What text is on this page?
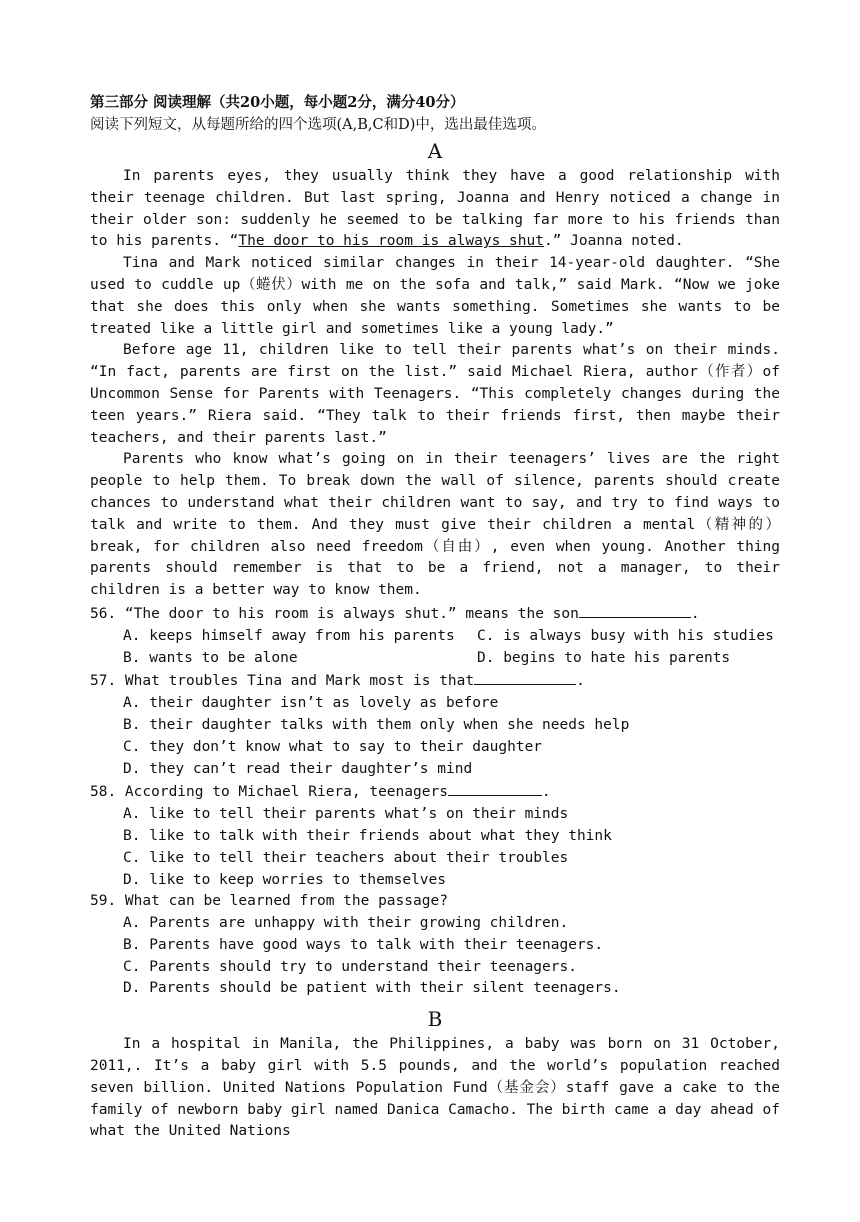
第三部分 阅读理解（共20小题，每小题2分，满分40分）
阅读下列短文，从每题所给的四个选项(A,B,C和D)中，选出最佳选项。
A
In parents eyes, they usually think they have a good relationship with their teenage children. But last spring, Joanna and Henry noticed a change in their older son: suddenly he seemed to be talking far more to his friends than to his parents. “The door to his room is always shut.” Joanna noted.
Tina and Mark noticed similar changes in their 14-year-old daughter. “She used to cuddle up（蜷伏）with me on the sofa and talk,” said Mark. “Now we joke that she does this only when she wants something. Sometimes she wants to be treated like a little girl and sometimes like a young lady.”
Before age 11, children like to tell their parents what’s on their minds. “In fact, parents are first on the list.” said Michael Riera, author（作者）of Uncommon Sense for Parents with Teenagers. “This completely changes during the teen years.” Riera said. “They talk to their friends first, then maybe their teachers, and their parents last.”
Parents who know what’s going on in their teenagers’ lives are the right people to help them. To break down the wall of silence, parents should create chances to understand what their children want to say, and try to find ways to talk and write to them. And they must give their children a mental（精神的）break, for children also need freedom（自由）, even when young. Another thing parents should remember is that to be a friend, not a manager, to their children is a better way to know them.
56. “The door to his room is always shut.” means the son	.
A. keeps himself away from his parents	C. is always busy with his studies
B. wants to be alone	D. begins to hate his parents
57. What troubles Tina and Mark most is that	.
A. their daughter isn’t as lovely as before
B. their daughter talks with them only when she needs help
C. they don’t know what to say to their daughter
D. they can’t read their daughter’s mind
58. According to Michael Riera, teenagers	.
A. like to tell their parents what’s on their minds
B. like to talk with their friends about what they think
C. like to tell their teachers about their troubles
D. like to keep worries to themselves
59. What can be learned from the passage?
A. Parents are unhappy with their growing children.
B. Parents have good ways to talk with their teenagers.
C. Parents should try to understand their teenagers.
D. Parents should be patient with their silent teenagers.
B
In a hospital in Manila, the Philippines, a baby was born on 31 October, 2011,. It’s a baby girl with 5.5 pounds, and the world’s population reached seven billion. United Nations Population Fund（基金会）staff gave a cake to the family of newborn baby girl named Danica Camacho. The birth came a day ahead of what the United Nations
